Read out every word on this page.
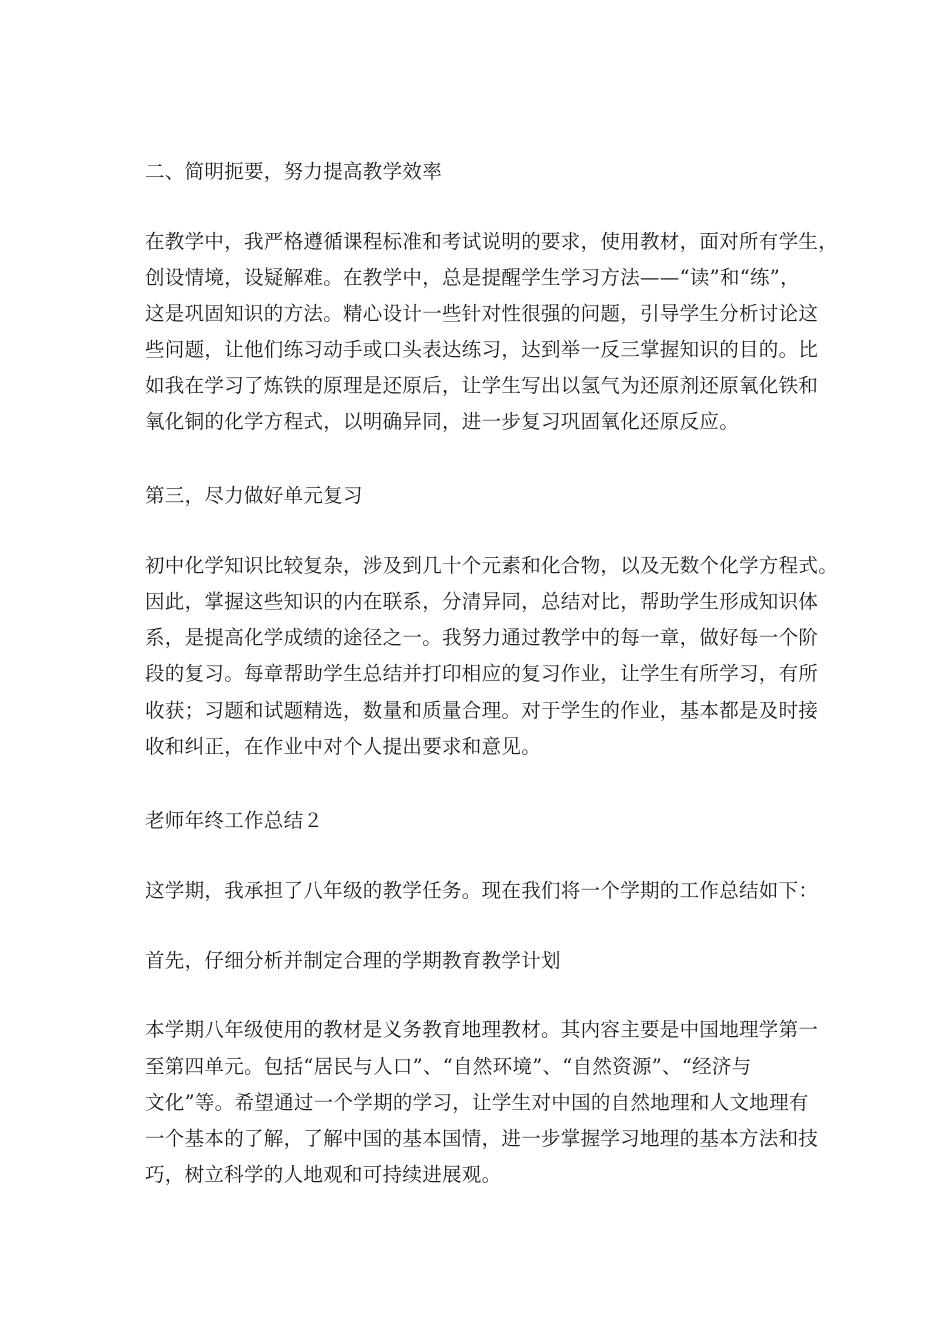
二、简明扼要，努力提高教学效率
在教学中，我严格遵循课程标准和考试说明的要求，使用教材，面对所有学生，
创设情境，设疑解难。在教学中，总是提醒学生学习方法——“读”和“练”，
这是巩固知识的方法。精心设计一些针对性很强的问题，引导学生分析讨论这
些问题，让他们练习动手或口头表达练习，达到举一反三掌握知识的目的。比
如我在学习了炼铁的原理是还原后，让学生写出以氢气为还原剂还原氧化铁和
氧化铜的化学方程式，以明确异同，进一步复习巩固氧化还原反应。
第三，尽力做好单元复习
初中化学知识比较复杂，涉及到几十个元素和化合物，以及无数个化学方程式。
因此，掌握这些知识的内在联系，分清异同，总结对比，帮助学生形成知识体
系，是提高化学成绩的途径之一。我努力通过教学中的每一章，做好每一个阶
段的复习。每章帮助学生总结并打印相应的复习作业，让学生有所学习，有所
收获；习题和试题精选，数量和质量合理。对于学生的作业，基本都是及时接
收和纠正，在作业中对个人提出要求和意见。
老师年终工作总结２
这学期，我承担了八年级的教学任务。现在我们将一个学期的工作总结如下：
首先，仔细分析并制定合理的学期教育教学计划
本学期八年级使用的教材是义务教育地理教材。其内容主要是中国地理学第一
至第四单元。包括“居民与人口”、“自然环境”、“自然资源”、“经济与
文化”等。希望通过一个学期的学习，让学生对中国的自然地理和人文地理有
一个基本的了解，了解中国的基本国情，进一步掌握学习地理的基本方法和技
巧，树立科学的人地观和可持续进展观。
